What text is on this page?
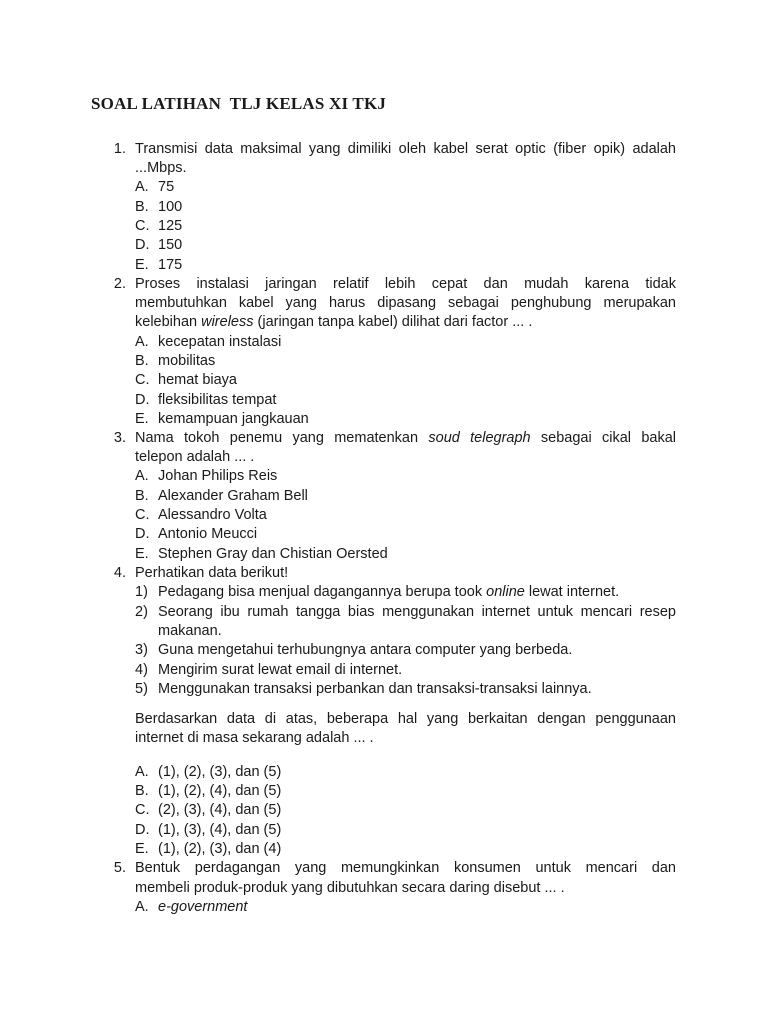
SOAL LATIHAN  TLJ KELAS XI TKJ
1. Transmisi data maksimal yang dimiliki oleh kabel serat optic (fiber opik) adalah
...Mbps.
A. 75
B. 100
C. 125
D. 150
E. 175
2. Proses instalasi jaringan relatif lebih cepat dan mudah karena tidak
membutuhkan kabel yang harus dipasang sebagai penghubung merupakan
kelebihan wireless (jaringan tanpa kabel) dilihat dari factor ... .
A. kecepatan instalasi
B. mobilitas
C. hemat biaya
D. fleksibilitas tempat
E. kemampuan jangkauan
3. Nama tokoh penemu yang mematenkan soud telegraph sebagai cikal bakal
telepon adalah ... .
A. Johan Philips Reis
B. Alexander Graham Bell
C. Alessandro Volta
D. Antonio Meucci
E. Stephen Gray dan Chistian Oersted
4. Perhatikan data berikut!
1) Pedagang bisa menjual dagangannya berupa took online lewat internet.
2) Seorang ibu rumah tangga bias menggunakan internet untuk mencari resep
makanan.
3) Guna mengetahui terhubungnya antara computer yang berbeda.
4) Mengirim surat lewat email di internet.
5) Menggunakan transaksi perbankan dan transaksi-transaksi lainnya.
Berdasarkan data di atas, beberapa hal yang berkaitan dengan penggunaan
internet di masa sekarang adalah ... .
A. (1), (2), (3), dan (5)
B. (1), (2), (4), dan (5)
C. (2), (3), (4), dan (5)
D. (1), (3), (4), dan (5)
E. (1), (2), (3), dan (4)
5. Bentuk perdagangan yang memungkinkan konsumen untuk mencari dan
membeli produk-produk yang dibutuhkan secara daring disebut ... .
A. e-government
